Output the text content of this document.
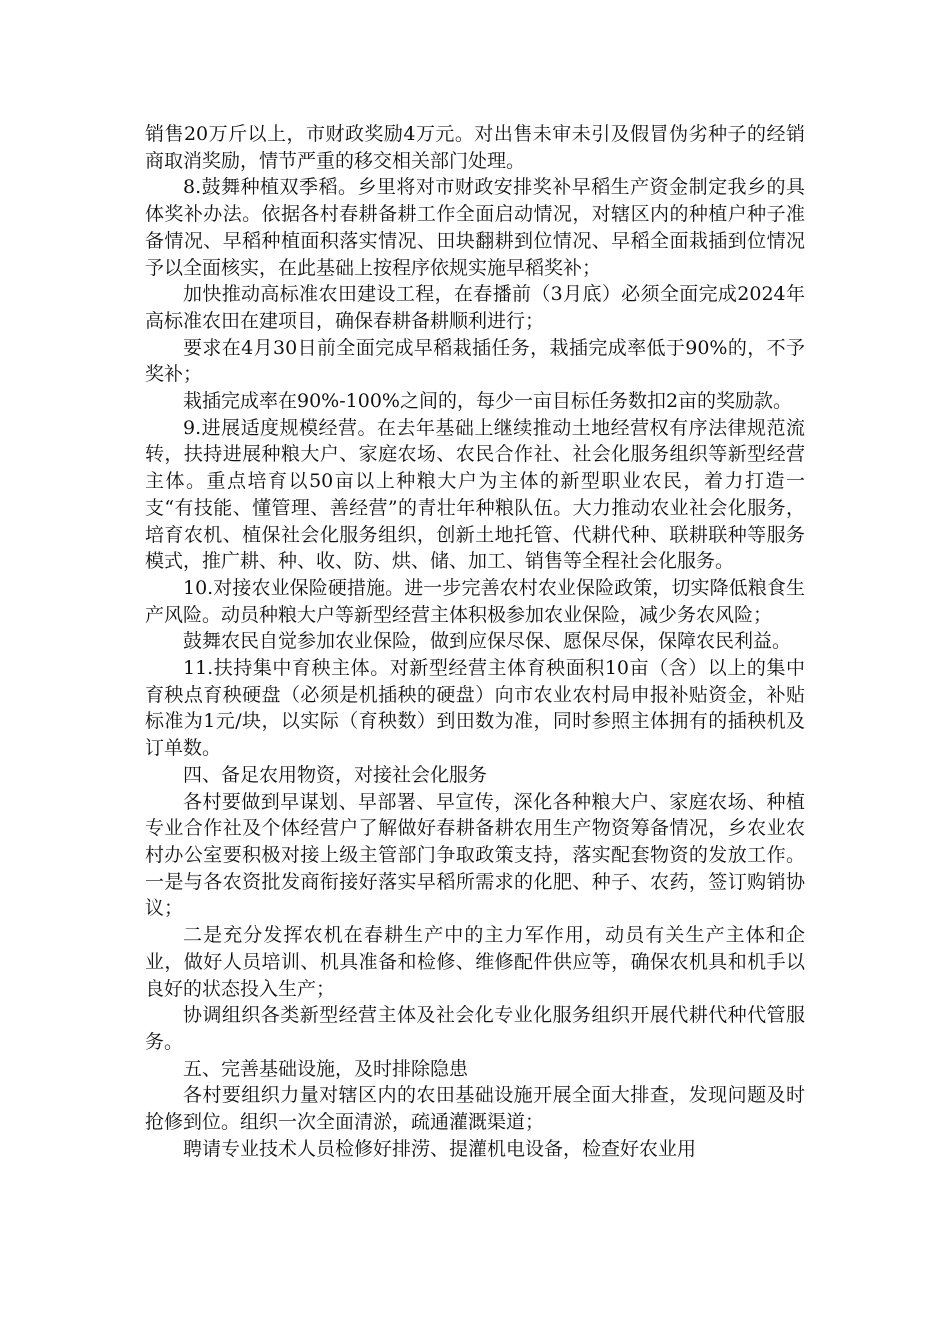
销售20万斤以上，市财政奖励4万元。对出售未审未引及假冒伪劣种子的经销商取消奖励，情节严重的移交相关部门处理。

8.鼓舞种植双季稻。乡里将对市财政安排奖补早稻生产资金制定我乡的具体奖补办法。依据各村春耕备耕工作全面启动情况，对辖区内的种植户种子准备情况、早稻种植面积落实情况、田块翻耕到位情况、早稻全面栽插到位情况予以全面核实，在此基础上按程序依规实施早稻奖补；

加快推动高标准农田建设工程，在春播前（3月底）必须全面完成2024年高标准农田在建项目，确保春耕备耕顺利进行；

要求在4月30日前全面完成早稻栽插任务，栽插完成率低于90%的，不予奖补；

栽插完成率在90%-100%之间的，每少一亩目标任务数扣2亩的奖励款。

9.进展适度规模经营。在去年基础上继续推动土地经营权有序法律规范流转，扶持进展种粮大户、家庭农场、农民合作社、社会化服务组织等新型经营主体。重点培育以50亩以上种粮大户为主体的新型职业农民，着力打造一支“有技能、懂管理、善经营”的青壮年种粮队伍。大力推动农业社会化服务，培育农机、植保社会化服务组织，创新土地托管、代耕代种、联耕联种等服务模式，推广耕、种、收、防、烘、储、加工、销售等全程社会化服务。

10.对接农业保险硬措施。进一步完善农村农业保险政策，切实降低粮食生产风险。动员种粮大户等新型经营主体积极参加农业保险，减少务农风险；

鼓舞农民自觉参加农业保险，做到应保尽保、愿保尽保，保障农民利益。

11.扶持集中育秧主体。对新型经营主体育秧面积10亩（含）以上的集中育秧点育秧硬盘（必须是机插秧的硬盘）向市农业农村局申报补贴资金，补贴标准为1元/块，以实际（育秧数）到田数为准，同时参照主体拥有的插秧机及订单数。

四、备足农用物资，对接社会化服务

各村要做到早谋划、早部署、早宣传，深化各种粮大户、家庭农场、种植专业合作社及个体经营户了解做好春耕备耕农用生产物资筹备情况，乡农业农村办公室要积极对接上级主管部门争取政策支持，落实配套物资的发放工作。一是与各农资批发商衔接好落实早稻所需求的化肥、种子、农药，签订购销协议；

二是充分发挥农机在春耕生产中的主力军作用，动员有关生产主体和企业，做好人员培训、机具准备和检修、维修配件供应等，确保农机具和机手以良好的状态投入生产；

协调组织各类新型经营主体及社会化专业化服务组织开展代耕代种代管服务。

五、完善基础设施，及时排除隐患

各村要组织力量对辖区内的农田基础设施开展全面大排查，发现问题及时抢修到位。组织一次全面清淤，疏通灌溉渠道；

聘请专业技术人员检修好排涝、提灌机电设备，检查好农业用
